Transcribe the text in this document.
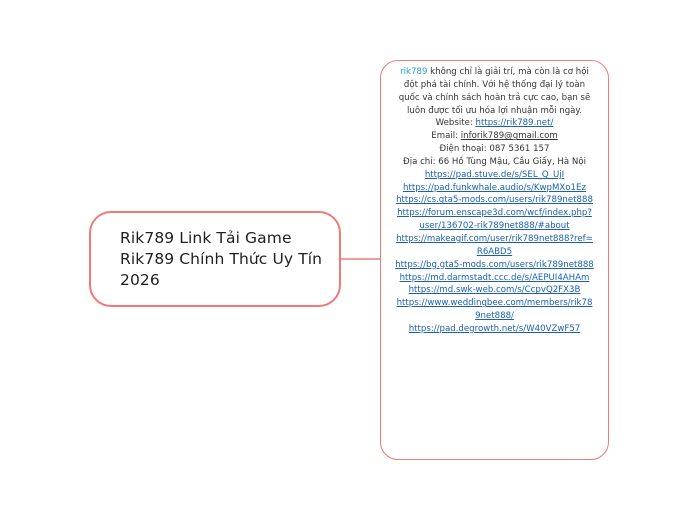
Rik789 Link Tải Game Rik789 Chính Thức Uy Tín 2026

rik789 không chỉ là giải trí, mà còn là cơ hội đột phá tài chính. Với hệ thống đại lý toàn quốc và chính sách hoàn trả cực cao, bạn sẽ luôn được tối ưu hóa lợi nhuận mỗi ngày.

Website: https://rik789.net/

Email: inforik789@gmail.com

Điện thoại: 087 5361 157

Địa chỉ: 66 Hồ Tùng Mậu, Cầu Giấy, Hà Nội

https://pad.stuve.de/s/SEL_Q_UjI

https://pad.funkwhale.audio/s/KwpMXo1Ez

https://cs.gta5-mods.com/users/rik789net888

https://forum.enscape3d.com/wcf/index.php?user/136702-rik789net888/#about

https://makeagif.com/user/rik789net888?ref=R6ABD5

https://bg.gta5-mods.com/users/rik789net888

https://md.darmstadt.ccc.de/s/AEPUI4AHAm

https://md.swk-web.com/s/CcpvQ2FX3B

https://www.weddingbee.com/members/rik789net888/

https://pad.degrowth.net/s/W40VZwF57
